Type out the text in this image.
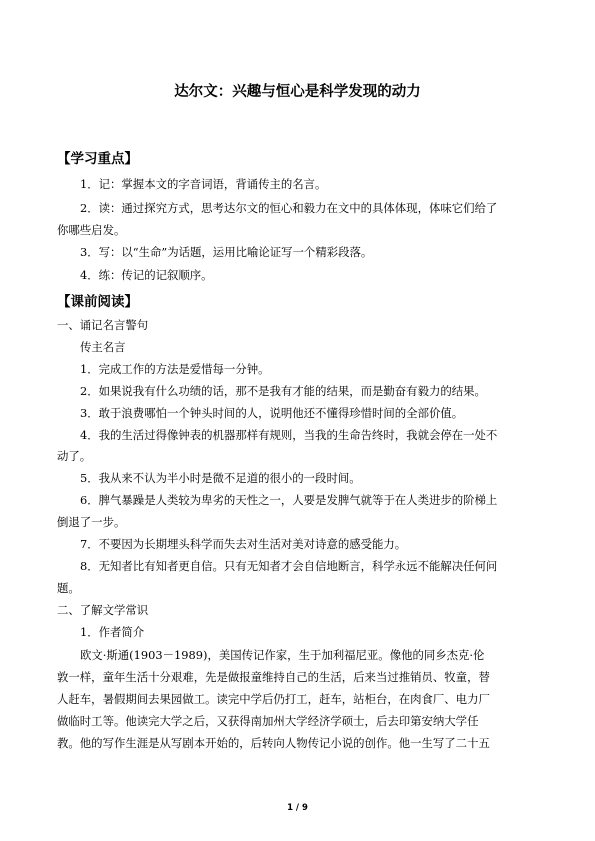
达尔文：兴趣与恒心是科学发现的动力
【学习重点】
1．记：掌握本文的字音词语，背诵传主的名言。
2．读：通过探究方式，思考达尔文的恒心和毅力在文中的具体体现，体味它们给了
你哪些启发。
3．写：以“生命”为话题，运用比喻论证写一个精彩段落。
4．练：传记的记叙顺序。
【课前阅读】
一、诵记名言警句
传主名言
1．完成工作的方法是爱惜每一分钟。
2．如果说我有什么功绩的话，那不是我有才能的结果，而是勤奋有毅力的结果。
3．敢于浪费哪怕一个钟头时间的人，说明他还不懂得珍惜时间的全部价值。
4．我的生活过得像钟表的机器那样有规则，当我的生命告终时，我就会停在一处不
动了。
5．我从来不认为半小时是微不足道的很小的一段时间。
6．脾气暴躁是人类较为卑劣的天性之一，人要是发脾气就等于在人类进步的阶梯上
倒退了一步。
7．不要因为长期埋头科学而失去对生活对美对诗意的感受能力。
8．无知者比有知者更自信。只有无知者才会自信地断言，科学永远不能解决任何问
题。
二、了解文学常识
1．作者简介
欧文·斯通(1903－1989)，美国传记作家，生于加利福尼亚。像他的同乡杰克·伦
敦一样，童年生活十分艰难，先是做报童维持自己的生活，后来当过推销员、牧童，替
人赶车，暑假期间去果园做工。读完中学后仍打工，赶车，站柜台，在肉食厂、电力厂
做临时工等。他读完大学之后，又获得南加州大学经济学硕士，后去印第安纳大学任
教。他的写作生涯是从写剧本开始的，后转向人物传记小说的创作。他一生写了二十五
1 / 9
